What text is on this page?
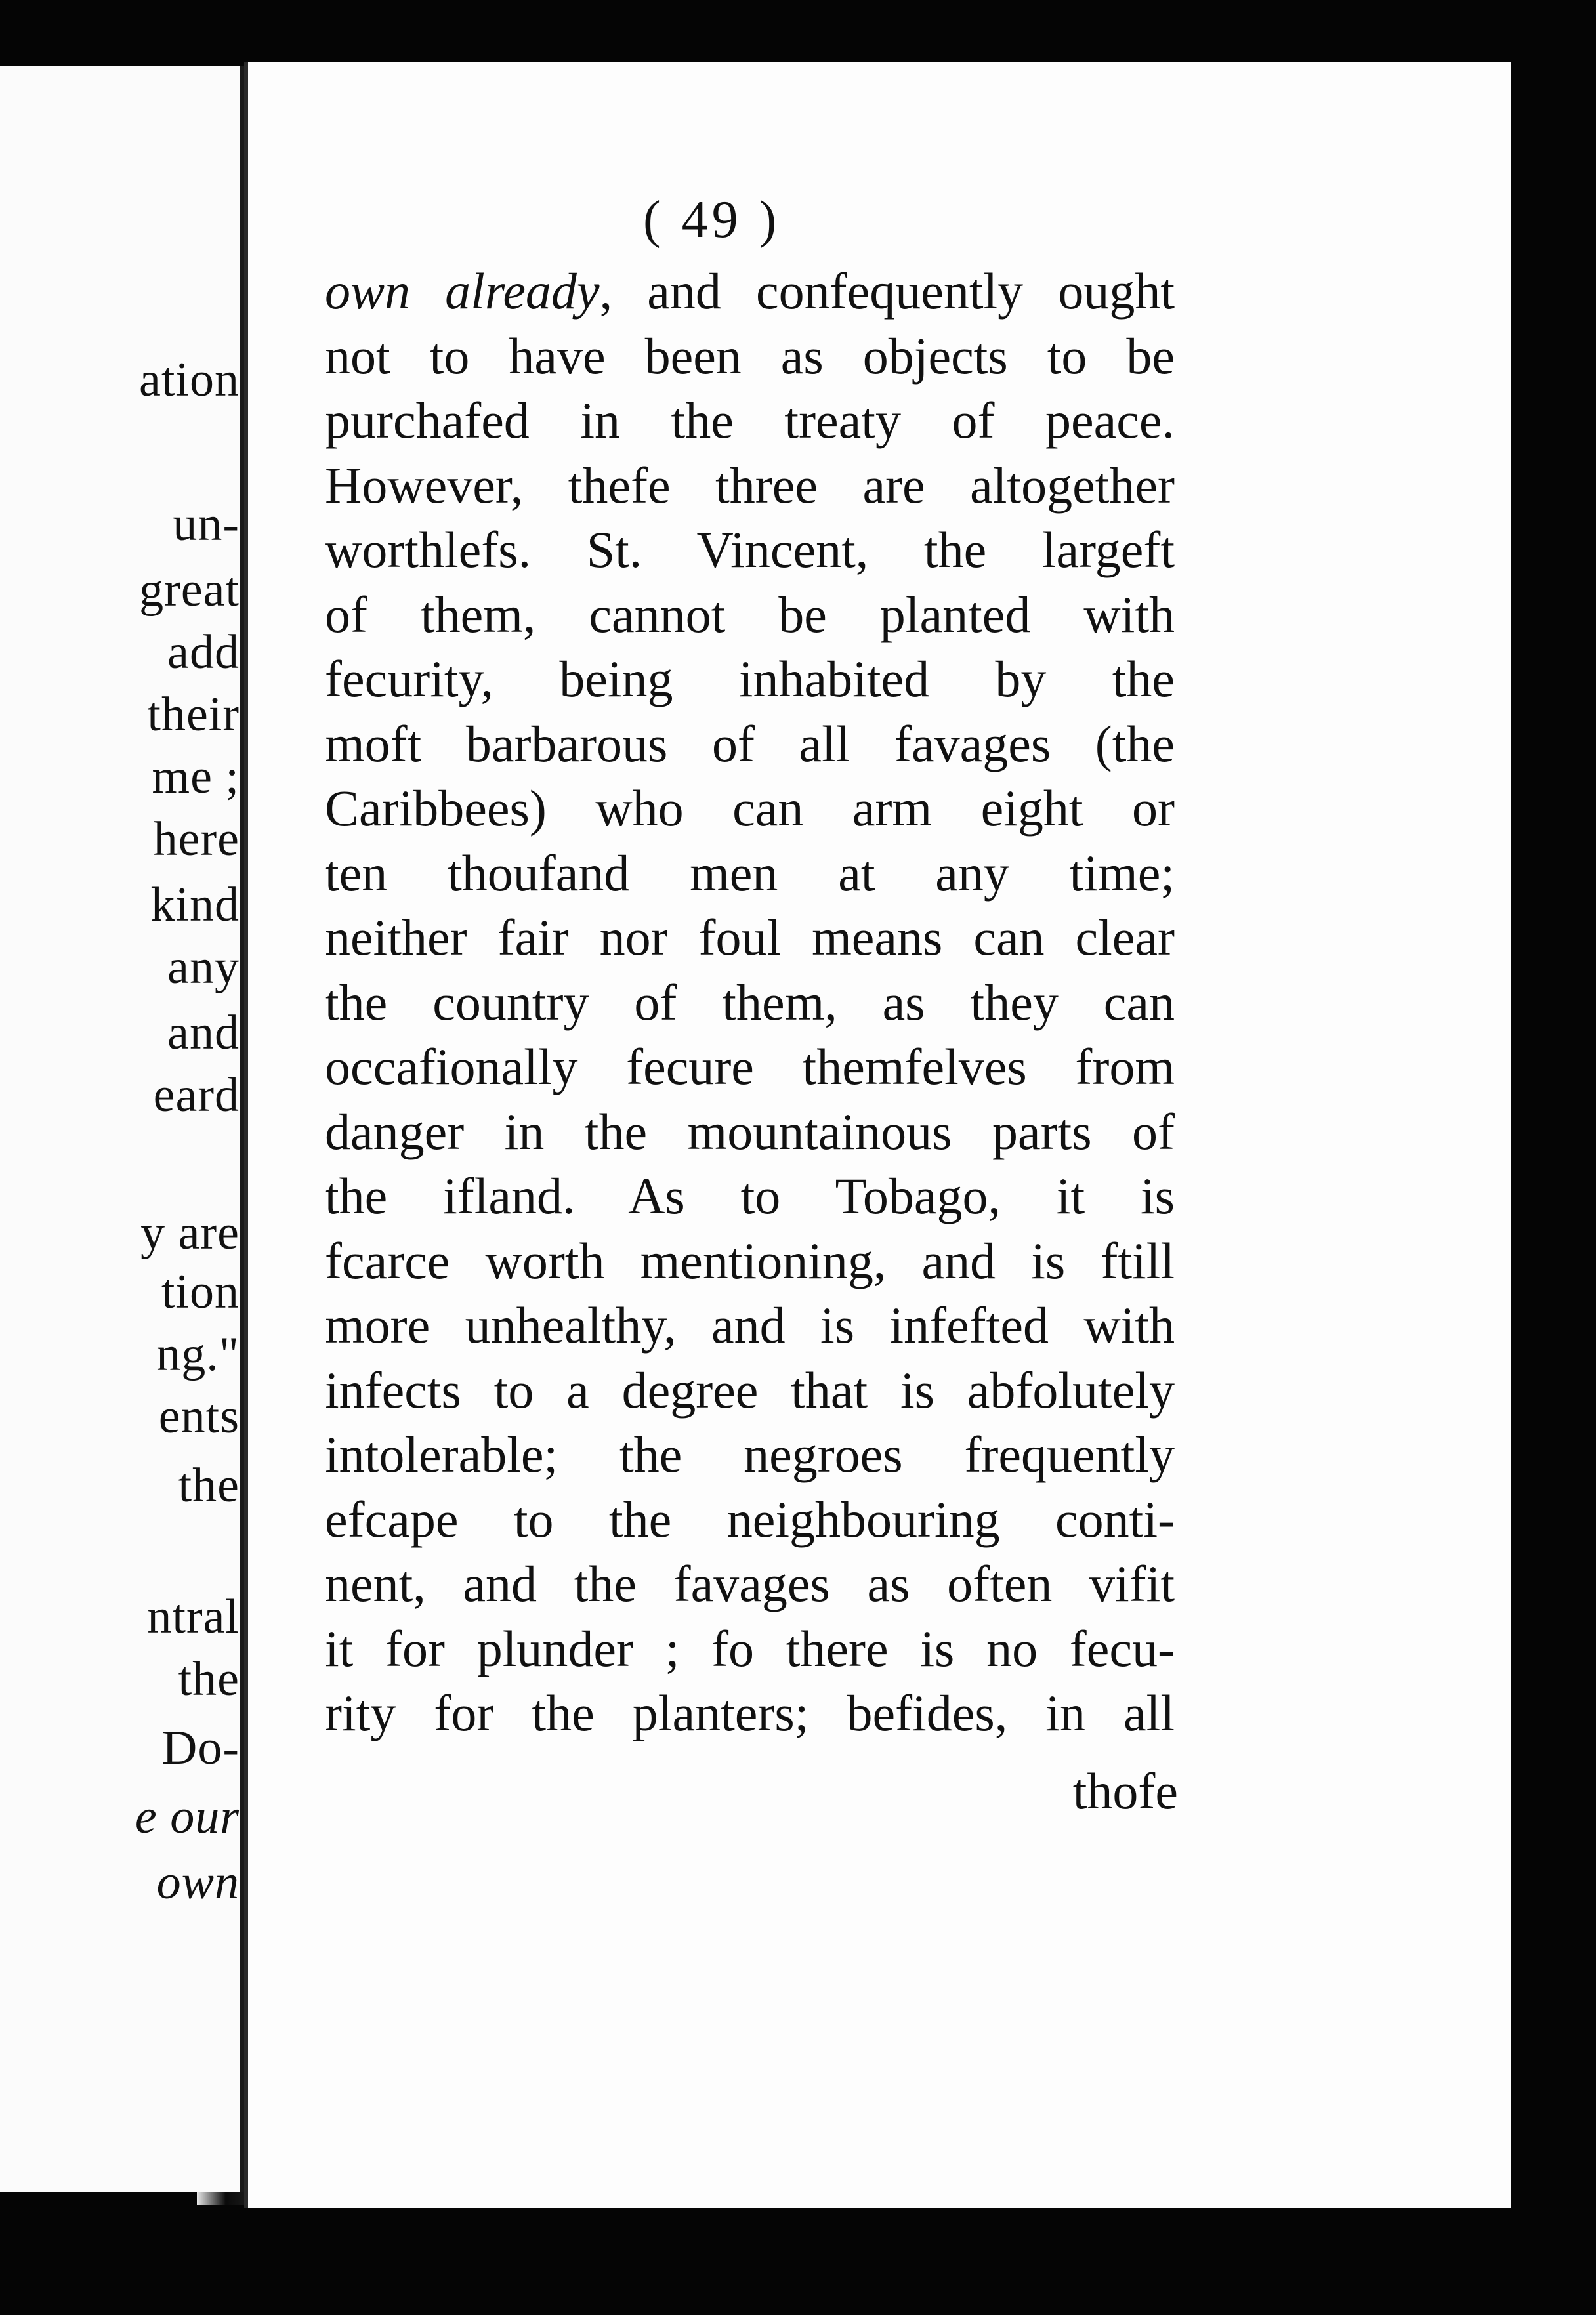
ation
un-
great
add
their
me ;
here
kind
any
and
eard
y are
tion
ng."
ents
the
ntral
the
Do-
e our
own
( 49 )
own already, and confequently ought
not to have been as objects to be
purchafed in the treaty of peace.
However, thefe three are altogether
worthlefs. St. Vincent, the largeft
of them, cannot be planted with
fecurity, being inhabited by the
moft barbarous of all favages (the
Caribbees) who can arm eight or
ten thoufand men at any time;
neither fair nor foul means can clear
the country of them, as they can
occafionally fecure themfelves from
danger in the mountainous parts of
the ifland. As to Tobago, it is
fcarce worth mentioning, and is ftill
more unhealthy, and is infefted with
infects to a degree that is abfolutely
intolerable; the negroes frequently
efcape to the neighbouring conti-
nent, and the favages as often vifit
it for plunder ; fo there is no fecu-
rity for the planters; befides, in all
thofe
